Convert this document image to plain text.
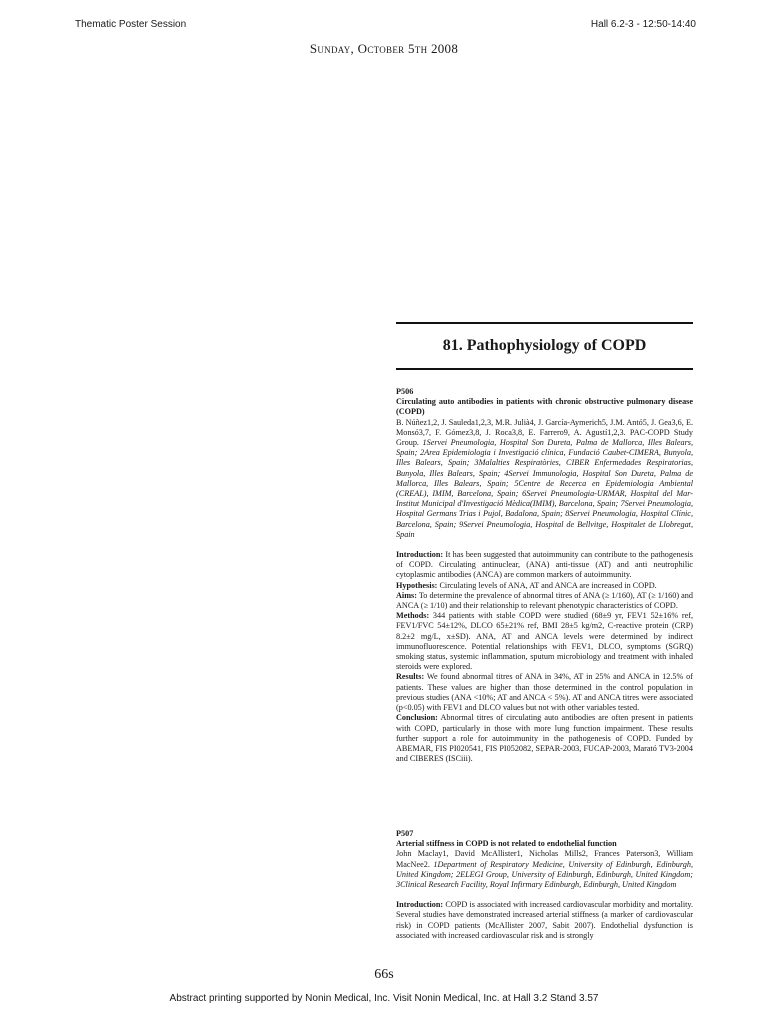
Thematic Poster Session	Hall 6.2-3 - 12:50-14:40
Sunday, October 5th 2008
81. Pathophysiology of COPD

P506

Circulating auto antibodies in patients with chronic obstructive pulmonary disease (COPD)

B. Núñez1,2, J. Sauleda1,2,3, M.R. Julià4, J. García-Aymerich5, J.M. Antó5, J. Gea3,6, E. Monsó3,7, F. Gómez3,8, J. Roca3,8, E. Farrero9, A. Agustí1,2,3. PAC-COPD Study Group. 1Servei Pneumologia, Hospital Son Dureta, Palma de Mallorca, Illes Balears, Spain; 2Area Epidemiologia i Investigació clínica, Fundació Caubet-CIMERA, Bunyola, Illes Balears, Spain; 3Malalties Respiratòries, CIBER Enfermedades Respiratorias, Bunyola, Illes Balears, Spain; 4Servei Immunologia, Hospital Son Dureta, Palma de Mallorca, Illes Balears, Spain; 5Centre de Recerca en Epidemiologia Ambiental (CREAL), IMIM, Barcelona, Spain; 6Servei Pneumologia-URMAR, Hospital del Mar-Institut Municipal d'Investigació Mèdica(IMIM), Barcelona, Spain; 7Servei Pneumologia, Hospital Germans Trias i Pujol, Badalona, Spain; 8Servei Pneumologia, Hospital Clínic, Barcelona, Spain; 9Servei Pneumologia, Hospital de Bellvitge, Hospitalet de Llobregat, Spain

Introduction: It has been suggested that autoimmunity can contribute to the pathogenesis of COPD. Circulating antinuclear, (ANA) anti-tissue (AT) and anti neutrophilic cytoplasmic antibodies (ANCA) are common markers of autoimmunity.

Hypothesis: Circulating levels of ANA, AT and ANCA are increased in COPD.

Aims: To determine the prevalence of abnormal titres of ANA (≥ 1/160), AT (≥ 1/160) and ANCA (≥ 1/10) and their relationship to relevant phenotypic characteristics of COPD.

Methods: 344 patients with stable COPD were studied (68±9 yr, FEV1 52±16% ref, FEV1/FVC 54±12%, DLCO 65±21% ref, BMI 28±5 kg/m2, C-reactive protein (CRP) 8.2±2 mg/L, x±SD). ANA, AT and ANCA levels were determined by indirect immunofluorescence. Potential relationships with FEV1, DLCO, symptoms (SGRQ) smoking status, systemic inflammation, sputum microbiology and treatment with inhaled steroids were explored.

Results: We found abnormal titres of ANA in 34%, AT in 25% and ANCA in 12.5% of patients. These values are higher than those determined in the control population in previous studies (ANA <10%; AT and ANCA < 5%). AT and ANCA titres were associated (p<0.05) with FEV1 and DLCO values but not with other variables tested.

Conclusion: Abnormal titres of circulating auto antibodies are often present in patients with COPD, particularly in those with more lung function impairment. These results further support a role for autoimmunity in the pathogenesis of COPD. Funded by ABEMAR, FIS PI020541, FIS PI052082, SEPAR-2003, FUCAP-2003, Marató TV3-2004 and CIBERES (ISCiii).

P507

Arterial stiffness in COPD is not related to endothelial function

John Maclay1, David McAllister1, Nicholas Mills2, Frances Paterson3, William MacNee2. 1Department of Respiratory Medicine, University of Edinburgh, Edinburgh, United Kingdom; 2ELEGI Group, University of Edinburgh, Edinburgh, United Kingdom; 3Clinical Research Facility, Royal Infirmary Edinburgh, Edinburgh, United Kingdom

Introduction: COPD is associated with increased cardiovascular morbidity and mortality. Several studies have demonstrated increased arterial stiffness (a marker of cardiovascular risk) in COPD patients (McAllister 2007, Sabit 2007). Endothelial dysfunction is associated with increased cardiovascular risk and is strongly

66s
Abstract printing supported by Nonin Medical, Inc. Visit Nonin Medical, Inc. at Hall 3.2 Stand 3.57
